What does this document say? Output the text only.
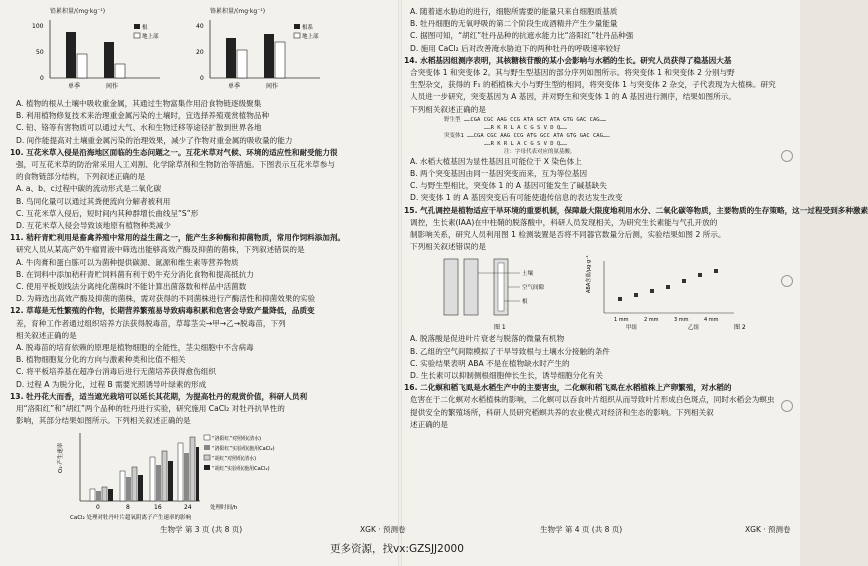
铅累积量/(mg·kg⁻¹)
100
50
0
单季	间作
根
地上部
铬累积量/(mg·kg⁻¹)
40
20
0
单季	间作
根系
地上部

A. 植物的根从土壤中吸收重金属，其通过生物富集作用沿食物链逐级聚集

B. 利用植物修复技术来治理重金属污染的土壤时，宜选择养殖观赏植物品种

C. 铅、铬等有害物质可以通过大气、水和生物迁移等途径扩散到世界各地

D. 间作能提高对土壤重金属污染的治理效果，减少了作物对重金属的吸收量的能力

10. 互花米草入侵是沿海地区面临的生态问题之一。互花米草对气候、环境的适应性和耐受能力很

强，可互花米草的防治常采用人工刈割、化学除草剂和生物防治等措施。下图表示互花米草参与

的食物链部分结构，下列叙述正确的是

A. a、b、c过程中碳的流动形式是二氧化碳

B. 鸟同化量可以通过其粪便流向分解者被利用

C. 互花米草入侵后，短时间内其种群增长曲线呈“S”形

D. 互花米草入侵会导致该地原有植物种类减少

11. 秸秆青贮利用是畜禽养殖中常用的益生菌之一，能产生多种酶和抑菌物质，常用作饲料添加剂。

研究人员从某高产奶牛瘤胃液中筛选出能够高效产酶及抑菌的菌株，下列叙述错误的是

A. 牛肉膏和蛋白胨可以为菌种提供碳源、氮源和维生素等营养物质

B. 在饲料中添加秸秆青贮饲料菌有利于奶牛充分消化食物和提高抵抗力

C. 使用平板划线法分离纯化菌株时不能计算出菌落数和样品中活菌数

D. 为筛选出高效产酶及抑菌的菌株，需对获得的不同菌株进行产酶活性和抑菌效果的实验

12. 草莓是无性繁殖的作物，长期营养繁殖易导致病毒积累和危害会导致产量降低，品质变

差，育种工作者通过组织培养方法获得脱毒苗，草莓茎尖→甲→乙→脱毒苗，下列

相关叙述正确的是

A. 脱毒苗的培育依赖的原理是植物细胞的全能性，茎尖细胞中不含病毒

B. 植物细胞复分化的方向与激素种类和比值不相关

C. 将平板培养基在超净台消毒后进行无菌培养获得愈伤组织

D. 过程 A 为脱分化，过程 B 需要光照诱导叶绿素的形成

13. 牡丹花大而香，适当遮光栽培可以延长其花期，为提高牡丹的观赏价值，科研人员利

用“洛阳红”和“胡红”两个品种的牡丹进行实验，研究施用 CaCl₂ 对牡丹抗旱性的

影响，其部分结果如图所示。下列相关叙述正确的是

O₂·产生速率
0	8	16	24	处理时间/h
CaCl₂ 处理对牡丹叶片超氧阴离子产生速率的影响
“洛阳红”对照组(清水)
“洛阳红”实验组(施用CaCl₂)
“胡红”对照组(清水)
“胡红”实验组(施用CaCl₂)

A. 随着遮水胁迫的进行，细胞所需要的能量只来自细胞质基质

B. 牡丹细胞的无氧呼吸的第二个阶段生成酒精并产生少量能量

C. 据图可知，“胡红”牡丹品种的抗遮水能力比“洛阳红”牡丹品种强

D. 施用 CaCl₂ 后对改善淹水胁迫下的两种牡丹的呼吸速率较好

14. 水稻基因组测序表明，其核糖核苷酸的某小会影响与水稻的生长。研究人员获得了稳基因大基

合突变体 1 和突变体 2。其与野生型基因的部分序列如图所示。将突变体 1 和突变体 2 分别与野

生型杂交，获得的 F₁ 的稻植株大小与野生型的相同，将突变体 1 与突变体 2 杂交，子代表现为大植株。研究

人员进一步研究，突变基因为 A 基因，并对野生和突变体 1 的 A 基因进行测序，结果如图所示。

下列相关叙述正确的是

野生型 ……CGA CGC AAG CCG ATA GCT ATA GTG GAC CAG……
……R K R L A C G S V D Q……
突变体1 ……CGA CGC AAG CCG ATG GCC ATA GTG GAC CAG……
……R K R L A C G S V D Q……
注：字母代表对应的氨基酸。

A. 水稻大植基因为显性基因且可能位于 X 染色体上

B. 两个突变基因由同一基因突变而来，互为等位基因

C. 与野生型相比，突变体 1 的 A 基因可能发生了碱基缺失

D. 突变体 1 的 A 基因突变后有可能使遗传信息的表达发生改变

15. 气孔调控是植物适应干旱环境的重要机制，保障最大限度地利用水分、二氧化碳等物质，主要物质的生存策略，这一过程受到多种激素

调控，生长素(IAA)在中柱鞘的脱落酸中，科研人员发现相关，为研究生长素能与气孔开放的

制影响关系，研究人员利用图 1 检测装置是否将不同器官数量分后测，实验结果如图 2 所示。

下列相关叙述错误的是

土壤
空气间隙
根
图 1
ABA含量/μg·g⁻¹
1 mm	2 mm	3 mm	4 mm
甲组	乙组	图 2

A. 脱落酸是促进叶片衰老与脱落的微量有机物

B. 乙组的空气间隙模拟了干旱导致根与土壤水分接触的条件

C. 实验结果表明 ABA 不是在植物缺水时产生的

D. 生长素可以抑制侧根细胞伸长生长，诱导细胞分化有关

16. 二化螟和稻飞虱是水稻生产中的主要害虫，二化螟和稻飞虱在水稻植株上产卵繁殖，对水稻的

危害在于二化螟对水稻植株的影响，二化螟可以吞食叶片组织从而导致叶片形成白色斑点，同时水稻会为螟虫

提供安全的繁殖场所，科研人员研究稻螟共养的农业模式对经济和生态的影响。下列相关叙

述正确的是

生物学 第 3 页 (共 8 页)	XGK · 预测卷	生物学 第 4 页 (共 8 页)	XGK · 预测卷
更多资源，找vx:GZSJJ2000
